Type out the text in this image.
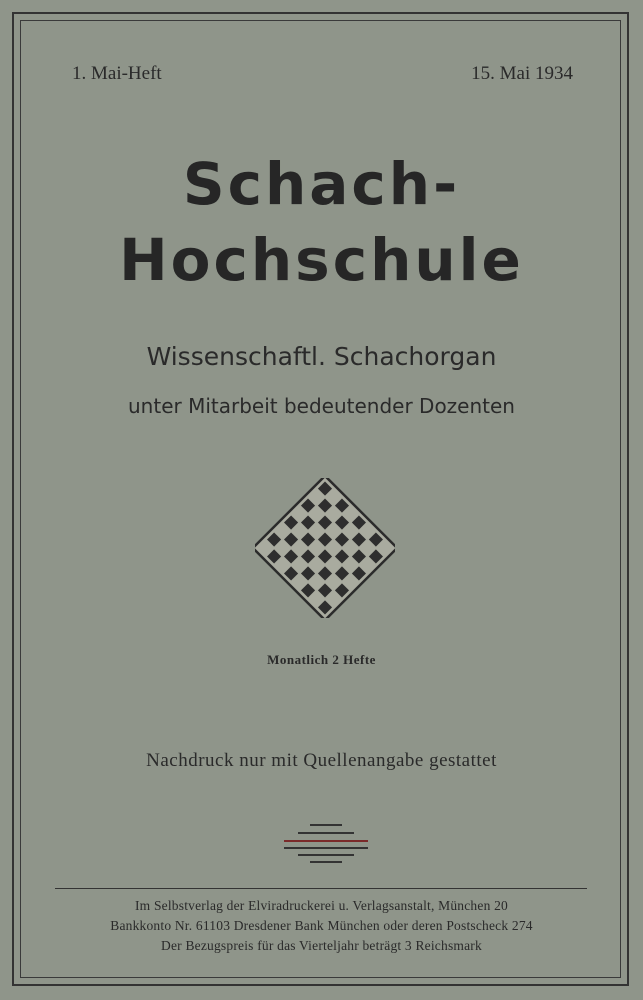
1. Mai-Heft	15. Mai 1934
Schach-
Hochschule
Wissenschaftl. Schachorgan
unter Mitarbeit bedeutender Dozenten
Monatlich 2 Hefte
Nachdruck nur mit Quellenangabe gestattet
Im Selbstverlag der Elviradruckerei u. Verlagsanstalt, München 20
Bankkonto Nr. 61103 Dresdener Bank München oder deren Postscheck 274
Der Bezugspreis für das Vierteljahr beträgt 3 Reichsmark
